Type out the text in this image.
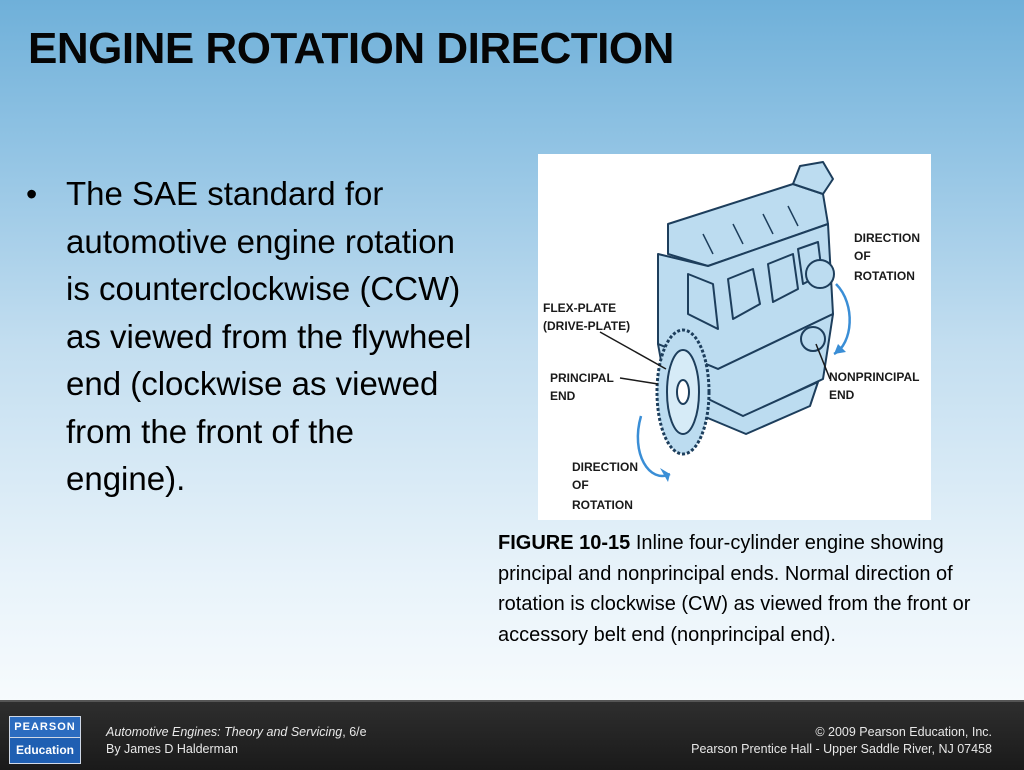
ENGINE ROTATION DIRECTION
• The SAE standard for automotive engine rotation is counterclockwise (CCW) as viewed from the flywheel end (clockwise as viewed from the front of the engine).
DIRECTION
OF
ROTATION
FLEX-PLATE
(DRIVE-PLATE)
PRINCIPAL
END
NONPRINCIPAL
END
DIRECTION
OF
ROTATION
FIGURE 10-15 Inline four-cylinder engine showing principal and nonprincipal ends. Normal direction of rotation is clockwise (CW) as viewed from the front or accessory belt end (nonprincipal end).
PEARSON
Education
Automotive Engines: Theory and Servicing, 6/e
By James D Halderman
© 2009 Pearson Education, Inc.
Pearson Prentice Hall - Upper Saddle River, NJ 07458
